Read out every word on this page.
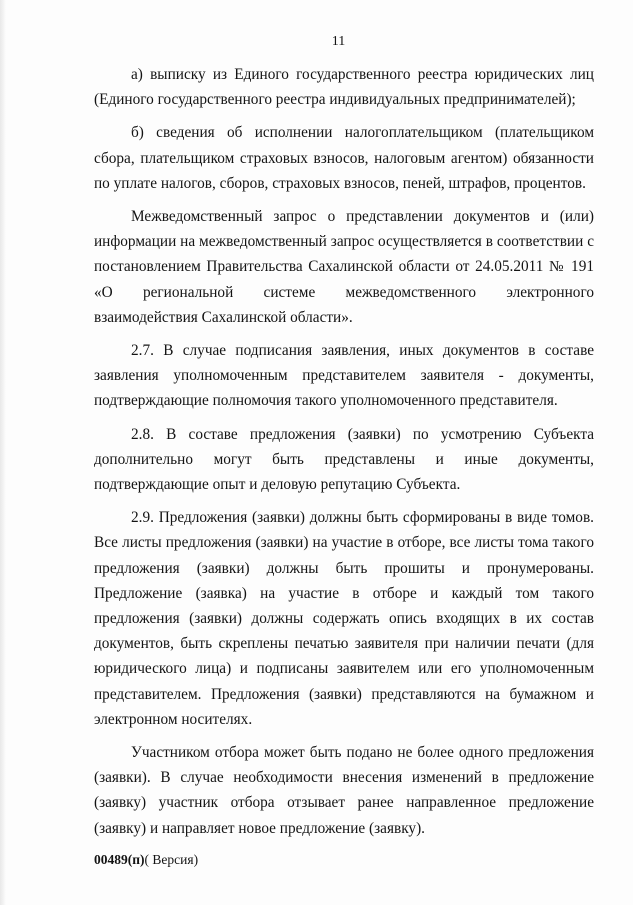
11

а) выписку из Единого государственного реестра юридических лиц (Единого государственного реестра индивидуальных предпринимателей);

б) сведения об исполнении налогоплательщиком (плательщиком сбора, плательщиком страховых взносов, налоговым агентом) обязанности по уплате налогов, сборов, страховых взносов, пеней, штрафов, процентов.

Межведомственный запрос о представлении документов и (или) информации на межведомственный запрос осуществляется в соответствии с постановлением Правительства Сахалинской области от 24.05.2011 № 191 «О региональной системе межведомственного электронного взаимодействия Сахалинской области».

2.7. В случае подписания заявления, иных документов в составе заявления уполномоченным представителем заявителя - документы, подтверждающие полномочия такого уполномоченного представителя.

2.8. В составе предложения (заявки) по усмотрению Субъекта дополнительно могут быть представлены и иные документы, подтверждающие опыт и деловую репутацию Субъекта.

2.9. Предложения (заявки) должны быть сформированы в виде томов. Все листы предложения (заявки) на участие в отборе, все листы тома такого предложения (заявки) должны быть прошиты и пронумерованы. Предложение (заявка) на участие в отборе и каждый том такого предложения (заявки) должны содержать опись входящих в их состав документов, быть скреплены печатью заявителя при наличии печати (для юридического лица) и подписаны заявителем или его уполномоченным представителем. Предложения (заявки) представляются на бумажном и электронном носителях.

Участником отбора может быть подано не более одного предложения (заявки). В случае необходимости внесения изменений в предложение (заявку) участник отбора отзывает ранее направленное предложение (заявку) и направляет новое предложение (заявку).

00489(п)( Версия)
